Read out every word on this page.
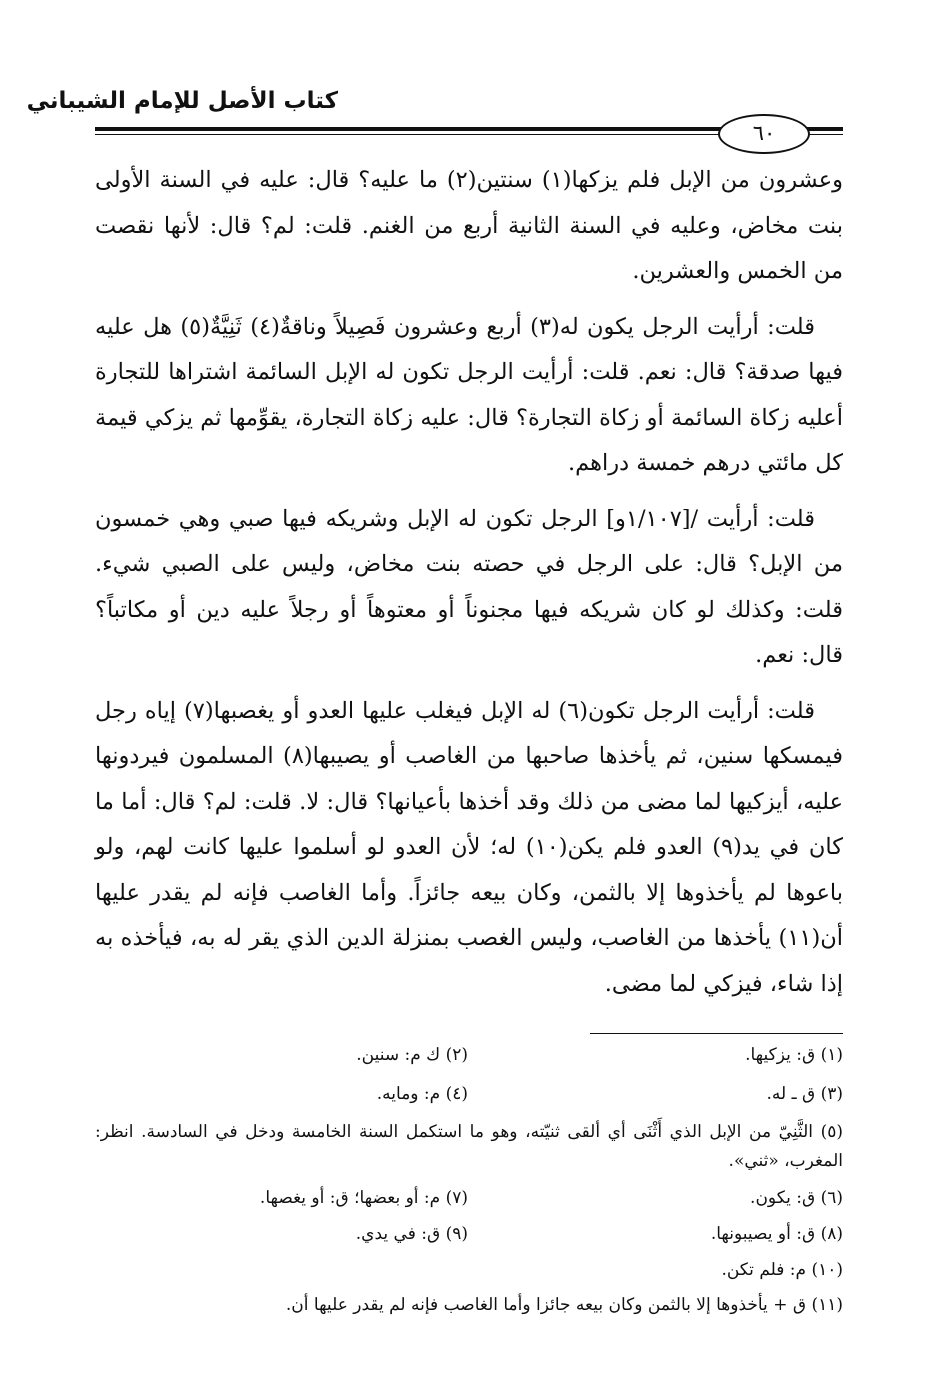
كتاب الأصل للإمام الشيباني
٦٠

وعشرون من الإبل فلم يزكها(١) سنتين(٢) ما عليه؟ قال: عليه في السنة الأولى بنت مخاض، وعليه في السنة الثانية أربع من الغنم. قلت: لم؟ قال: لأنها نقصت من الخمس والعشرين.

قلت: أرأيت الرجل يكون له(٣) أربع وعشرون فَصِيلاً وناقةٌ(٤) ثَنِيَّةٌ(٥) هل عليه فيها صدقة؟ قال: نعم. قلت: أرأيت الرجل تكون له الإبل السائمة اشتراها للتجارة أعليه زكاة السائمة أو زكاة التجارة؟ قال: عليه زكاة التجارة، يقوِّمها ثم يزكي قيمة كل مائتي درهم خمسة دراهم.

قلت: أرأيت /[١/١٠٧و] الرجل تكون له الإبل وشريكه فيها صبي وهي خمسون من الإبل؟ قال: على الرجل في حصته بنت مخاض، وليس على الصبي شيء. قلت: وكذلك لو كان شريكه فيها مجنوناً أو معتوهاً أو رجلاً عليه دين أو مكاتباً؟ قال: نعم.

قلت: أرأيت الرجل تكون(٦) له الإبل فيغلب عليها العدو أو يغصبها(٧) إياه رجل فيمسكها سنين، ثم يأخذها صاحبها من الغاصب أو يصيبها(٨) المسلمون فيردونها عليه، أيزكيها لما مضى من ذلك وقد أخذها بأعيانها؟ قال: لا. قلت: لم؟ قال: أما ما كان في يد(٩) العدو فلم يكن(١٠) له؛ لأن العدو لو أسلموا عليها كانت لهم، ولو باعوها لم يأخذوها إلا بالثمن، وكان بيعه جائزاً. وأما الغاصب فإنه لم يقدر عليها أن(١١) يأخذها من الغاصب، وليس الغصب بمنزلة الدين الذي يقر له به، فيأخذه به إذا شاء، فيزكي لما مضى.

(١) ق: يزكيها.
(٢) ك م: سنين.
(٣) ق ـ له.
(٤) م: ومايه.
(٥) الثَّنِيّ من الإبل الذي أَثْنَى أي ألقى ثنيّته، وهو ما استكمل السنة الخامسة ودخل في السادسة. انظر: المغرب، «ثني».
(٦) ق: يكون.
(٧) م: أو بعضها؛ ق: أو يغصها.
(٨) ق: أو يصيبونها.
(٩) ق: في يدي.
(١٠) م: فلم تكن.
(١١) ق + يأخذوها إلا بالثمن وكان بيعه جائزا وأما الغاصب فإنه لم يقدر عليها أن.
